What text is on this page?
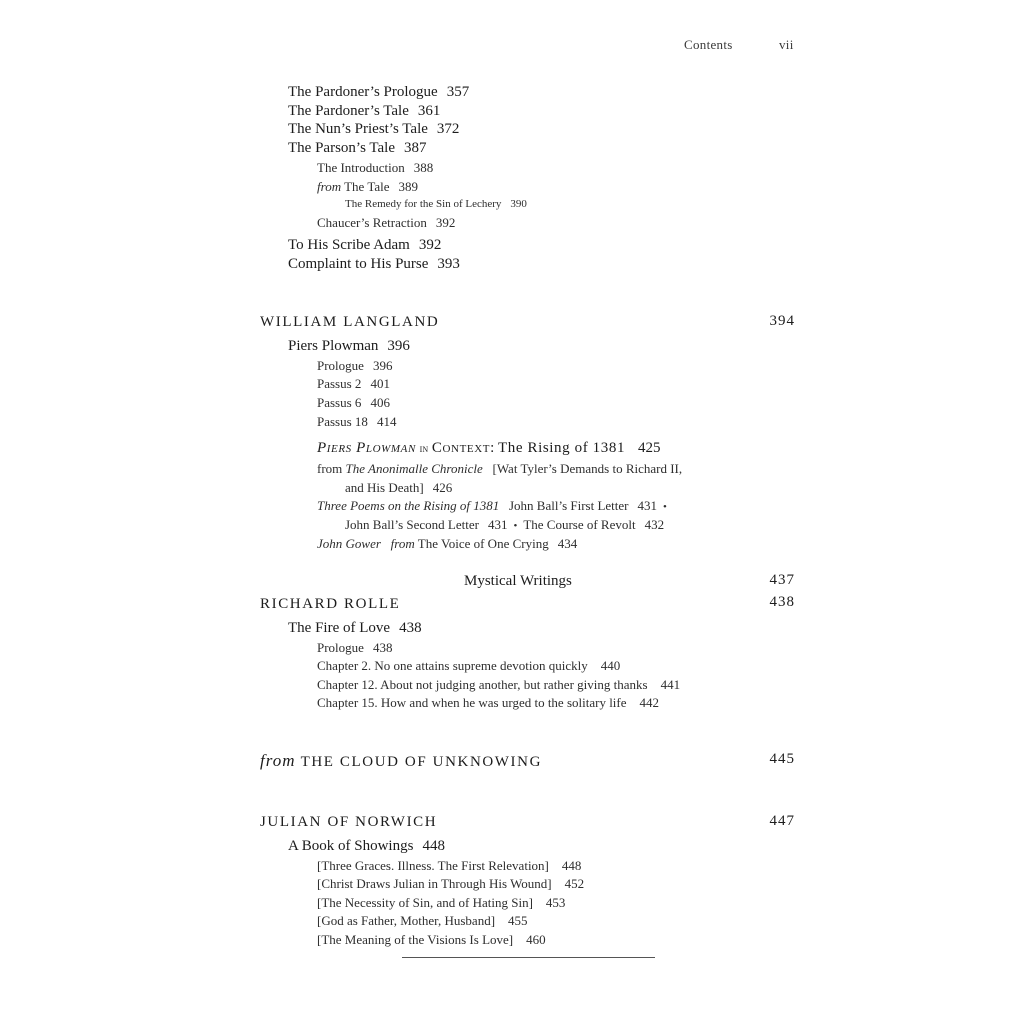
Contents	vii
The Pardoner’s Prologue 357
The Pardoner’s Tale 361
The Nun’s Priest’s Tale 372
The Parson’s Tale 387
The Introduction 388
from The Tale 389
The Remedy for the Sin of Lechery 390
Chaucer’s Retraction 392
To His Scribe Adam 392
Complaint to His Purse 393
WILLIAM LANGLAND	394
Piers Plowman 396
Prologue 396
Passus 2 401
Passus 6 406
Passus 18 414
Piers Plowman in Context: The Rising of 1381 425
from The Anonimalle Chronicle [Wat Tyler’s Demands to Richard II,
and His Death] 426
Three Poems on the Rising of 1381 John Ball’s First Letter 431 •
John Ball’s Second Letter 431 • The Course of Revolt 432
John Gower from The Voice of One Crying 434
Mystical Writings	437
RICHARD ROLLE	438
The Fire of Love 438
Prologue 438
Chapter 2. No one attains supreme devotion quickly 440
Chapter 12. About not judging another, but rather giving thanks 441
Chapter 15. How and when he was urged to the solitary life 442
from THE CLOUD OF UNKNOWING	445
JULIAN OF NORWICH	447
A Book of Showings 448
[Three Graces. Illness. The First Relevation] 448
[Christ Draws Julian in Through His Wound] 452
[The Necessity of Sin, and of Hating Sin] 453
[God as Father, Mother, Husband] 455
[The Meaning of the Visions Is Love] 460
